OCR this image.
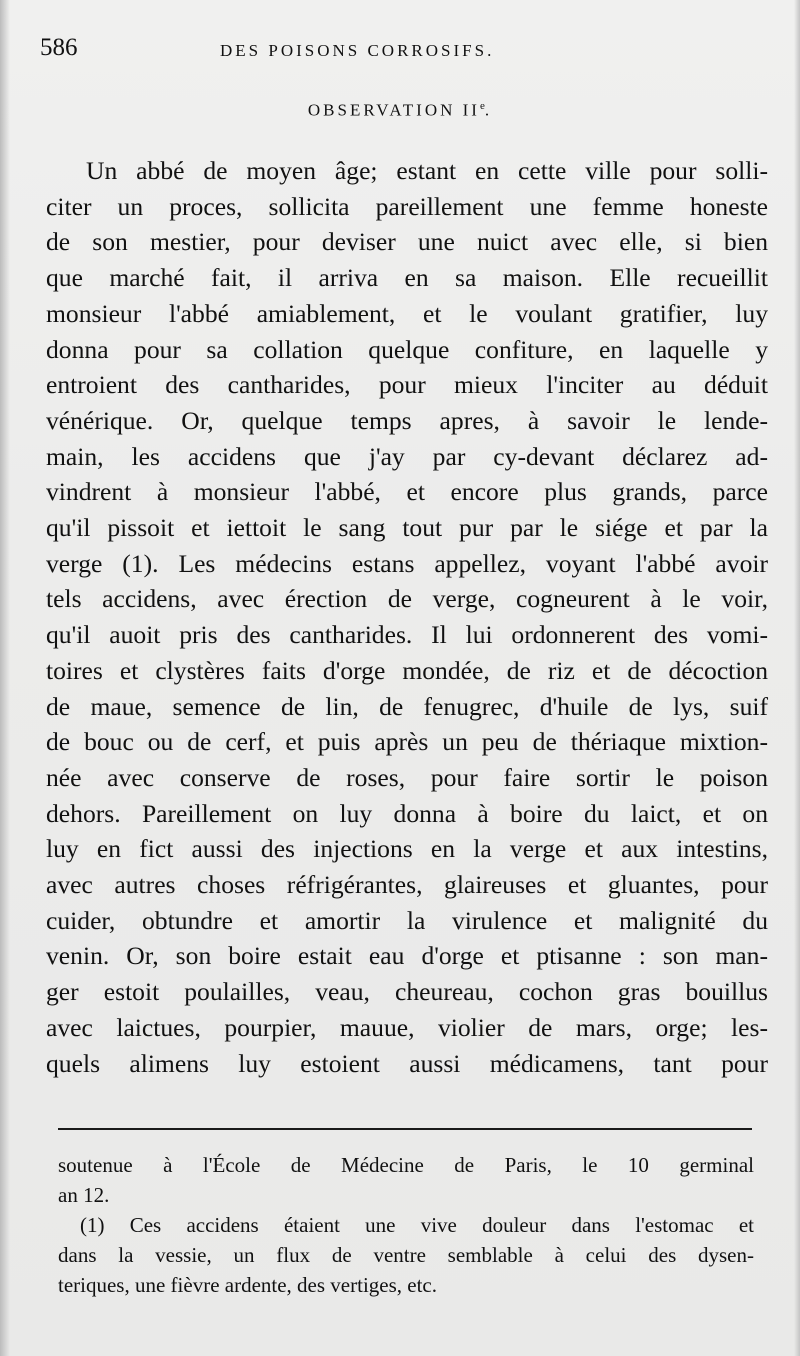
586	DES POISONS CORROSIFS.
OBSERVATION IIe.
Un abbé de moyen âge; estant en cette ville pour solli-
citer un proces, sollicita pareillement une femme honeste
de son mestier, pour deviser une nuict avec elle, si bien
que marché fait, il arriva en sa maison. Elle recueillit
monsieur l'abbé amiablement, et le voulant gratifier, luy
donna pour sa collation quelque confiture, en laquelle y
entroient des cantharides, pour mieux l'inciter au déduit
vénérique. Or, quelque temps apres, à savoir le lende-
main, les accidens que j'ay par cy-devant déclarez ad-
vindrent à monsieur l'abbé, et encore plus grands, parce
qu'il pissoit et iettoit le sang tout pur par le siége et par la
verge (1). Les médecins estans appellez, voyant l'abbé avoir
tels accidens, avec érection de verge, cogneurent à le voir,
qu'il auoit pris des cantharides. Il lui ordonnerent des vomi-
toires et clystères faits d'orge mondée, de riz et de décoction
de maue, semence de lin, de fenugrec, d'huile de lys, suif
de bouc ou de cerf, et puis après un peu de thériaque mixtion-
née avec conserve de roses, pour faire sortir le poison
dehors. Pareillement on luy donna à boire du laict, et on
luy en fict aussi des injections en la verge et aux intestins,
avec autres choses réfrigérantes, glaireuses et gluantes, pour
cuider, obtundre et amortir la virulence et malignité du
venin. Or, son boire estait eau d'orge et ptisanne : son man-
ger estoit poulailles, veau, cheureau, cochon gras bouillus
avec laictues, pourpier, mauue, violier de mars, orge; les-
quels alimens luy estoient aussi médicamens, tant pour
soutenue à l'École de Médecine de Paris, le 10 germinal
an 12.
(1) Ces accidens étaient une vive douleur dans l'estomac et
dans la vessie, un flux de ventre semblable à celui des dysen-
teriques, une fièvre ardente, des vertiges, etc.
